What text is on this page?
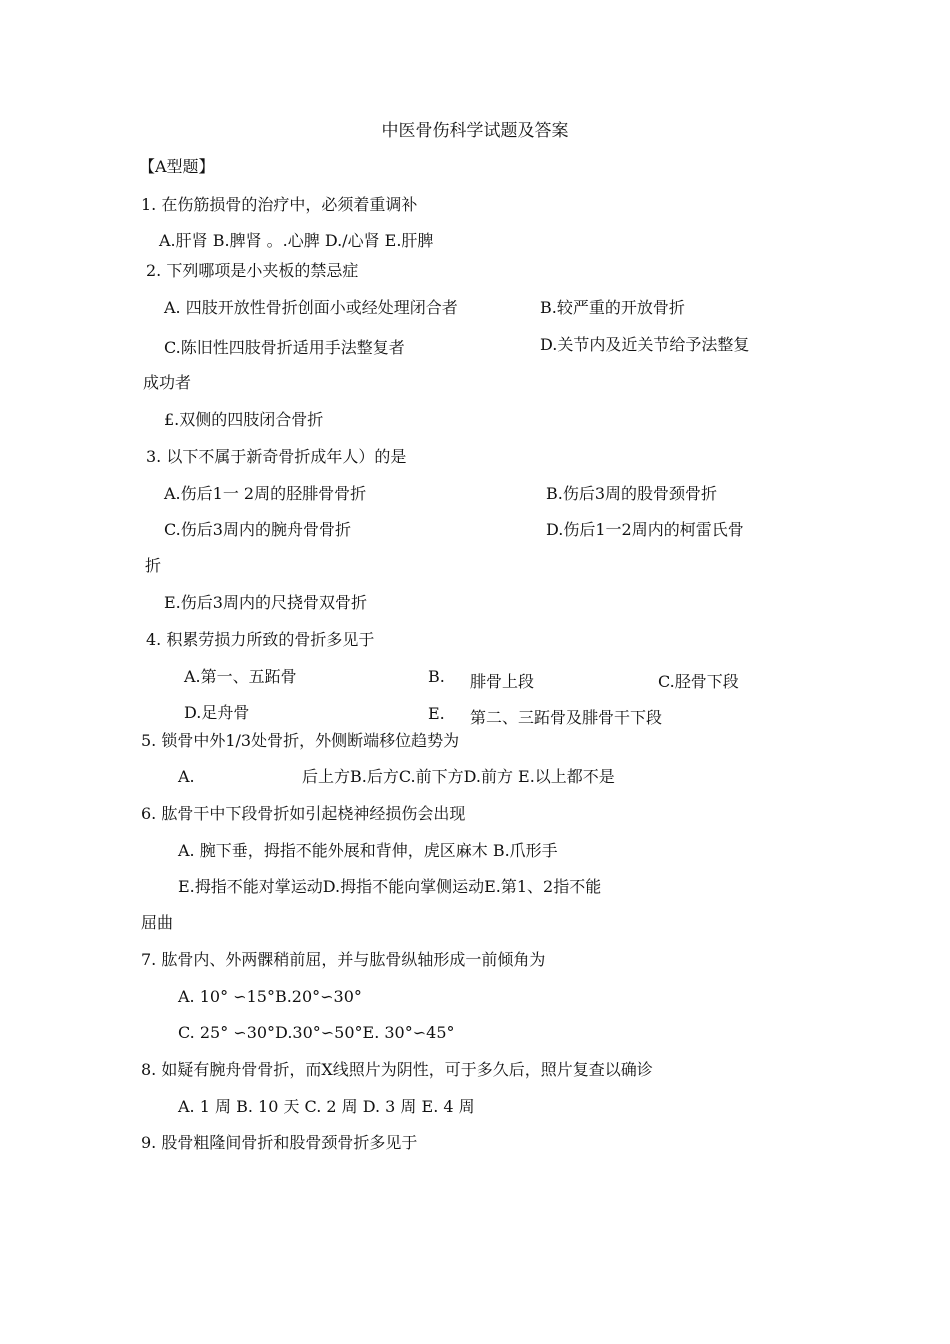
中医骨伤科学试题及答案

【A型题】

1. 在伤筋损骨的治疗中，必须着重调补

A.肝肾 B.脾肾 。.心脾 D./心肾 E.肝脾

2. 下列哪项是小夹板的禁忌症

A. 四肢开放性骨折创面小或经处理闭合者	B.较严重的开放骨折

C.陈旧性四肢骨折适用手法整复者	D.关节内及近关节给予法整复

成功者

£.双侧的四肢闭合骨折

3. 以下不属于新奇骨折成年人）的是

A.伤后1一 2周的胫腓骨骨折	B.伤后3周的股骨颈骨折

C.伤后3周内的腕舟骨骨折	D.伤后1一2周内的柯雷氏骨

折

E.伤后3周内的尺挠骨双骨折

4. 积累劳损力所致的骨折多见于

A.第一、五跖骨	B. 腓骨上段	C.胫骨下段

D.足舟骨	E. 第二、三跖骨及腓骨干下段

5. 锁骨中外1/3处骨折，外侧断端移位趋势为

A.	后上方B.后方C.前下方D.前方 E.以上都不是

6. 肱骨干中下段骨折如引起桡神经损伤会出现

A. 腕下垂，拇指不能外展和背伸，虎区麻木 B.爪形手

E.拇指不能对掌运动D.拇指不能向掌侧运动E.第1、2指不能

屈曲

7. 肱骨内、外两髁稍前屈，并与肱骨纵轴形成一前倾角为

A. 10° ∽15°B.20°∽30°

C. 25° ∽30°D.30°∽50°E. 30°∽45°

8. 如疑有腕舟骨骨折，而X线照片为阴性，可于多久后，照片复查以确诊

A. 1 周 B. 10 天 C. 2 周 D. 3 周 E. 4 周

9. 股骨粗隆间骨折和股骨颈骨折多见于
